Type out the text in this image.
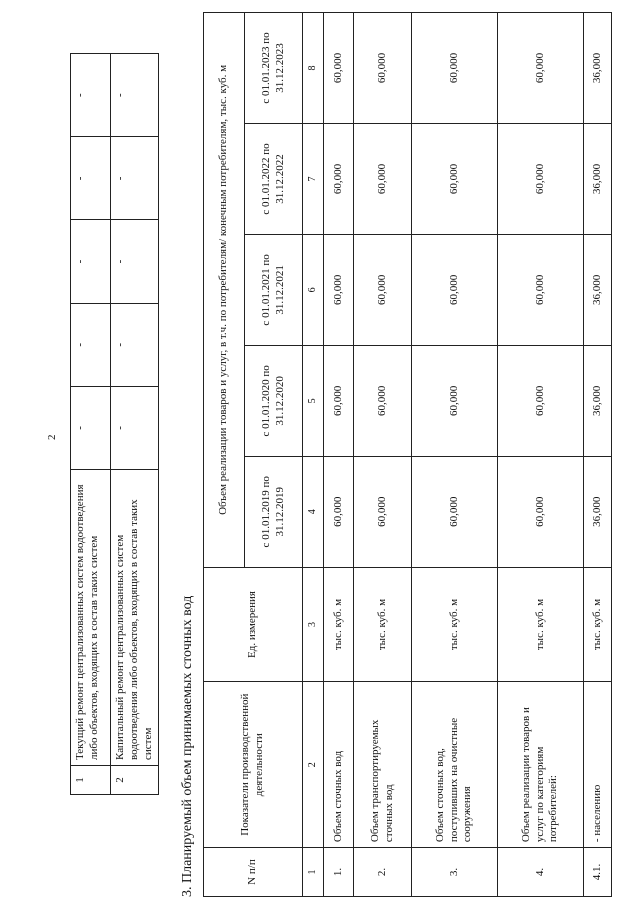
2
1	Текущий ремонт централизованных систем водоотведения либо объектов, входящих в состав таких систем	-	-	-	-	-
2	Капитальный ремонт централизованных систем водоотведения либо объектов, входящих в состав таких систем	-	-	-	-	-
3. Планируемый объем принимаемых сточных вод	N п/п	Показатели производственной деятельности	Ед. измерения	Объем реализации товаров и услуг, в т.ч. по потребителям/ конечным потребителям, тыс. куб. м				
			с 01.01.2019 по 31.12.2019	с 01.01.2020 по 31.12.2020	с 01.01.2021 по 31.12.2021	с 01.01.2022 по 31.12.2022	с 01.01.2023 по 31.12.2023
1	2	3	4	5	6	7	8
1.	Объем сточных вод	тыс. куб. м	60,000	60,000	60,000	60,000	60,000
2.	Объем транспортируемых сточных вод	тыс. куб. м	60,000	60,000	60,000	60,000	60,000
3.	Объем сточных вод, поступивших на очистные сооружения	тыс. куб. м	60,000	60,000	60,000	60,000	60,000
4.	Объем реализации товаров и услуг по категориям потребителей:	тыс. куб. м	60,000	60,000	60,000	60,000	60,000
4.1.	- населению	тыс. куб. м	36,000	36,000	36,000	36,000	36,000
